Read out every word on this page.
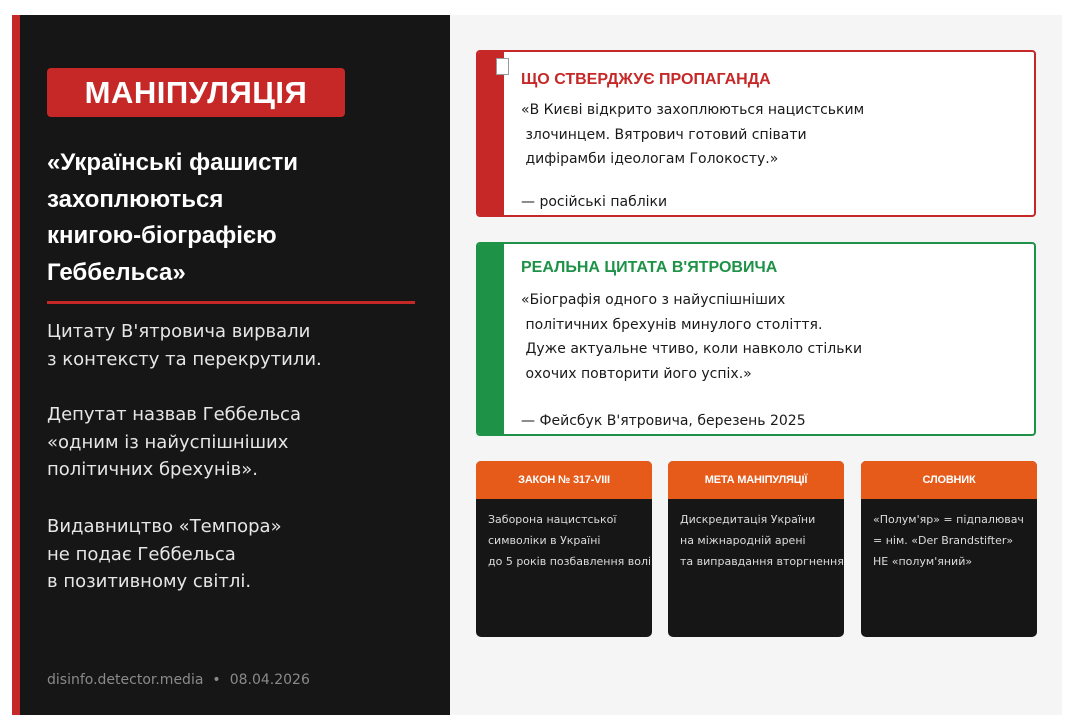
МАНІПУЛЯЦІЯ
«Українські фашисти
захоплюються
книгою-біографією
Геббельса»
Цитату В'ятровича вирвали
з контексту та перекрутили.
Депутат назвав Геббельса
«одним із найуспішніших
політичних брехунів».
Видавництво «Темпора»
не подає Геббельса
в позитивному світлі.
disinfo.detector.media • 08.04.2026
ЩО СТВЕРДЖУЄ ПРОПАГАНДА
«В Києві відкрито захоплюються нацистським
злочинцем. Вятрович готовий співати
дифірамби ідеологам Голокосту.»
— російські пабліки
РЕАЛЬНА ЦИТАТА В'ЯТРОВИЧА
«Біографія одного з найуспішніших
політичних брехунів минулого століття.
Дуже актуальне чтиво, коли навколо стільки
охочих повторити його успіх.»
— Фейсбук В'ятровича, березень 2025
ЗАКОН № 317-VIII
Заборона нацистської
символіки в Україні
до 5 років позбавлення волі
МЕТА МАНІПУЛЯЦІЇ
Дискредитація України
на міжнародній арені
та виправдання вторгнення
СЛОВНИК
«Полум'яр» = підпалювач
= нім. «Der Brandstifter»
НЕ «полум'яний»
